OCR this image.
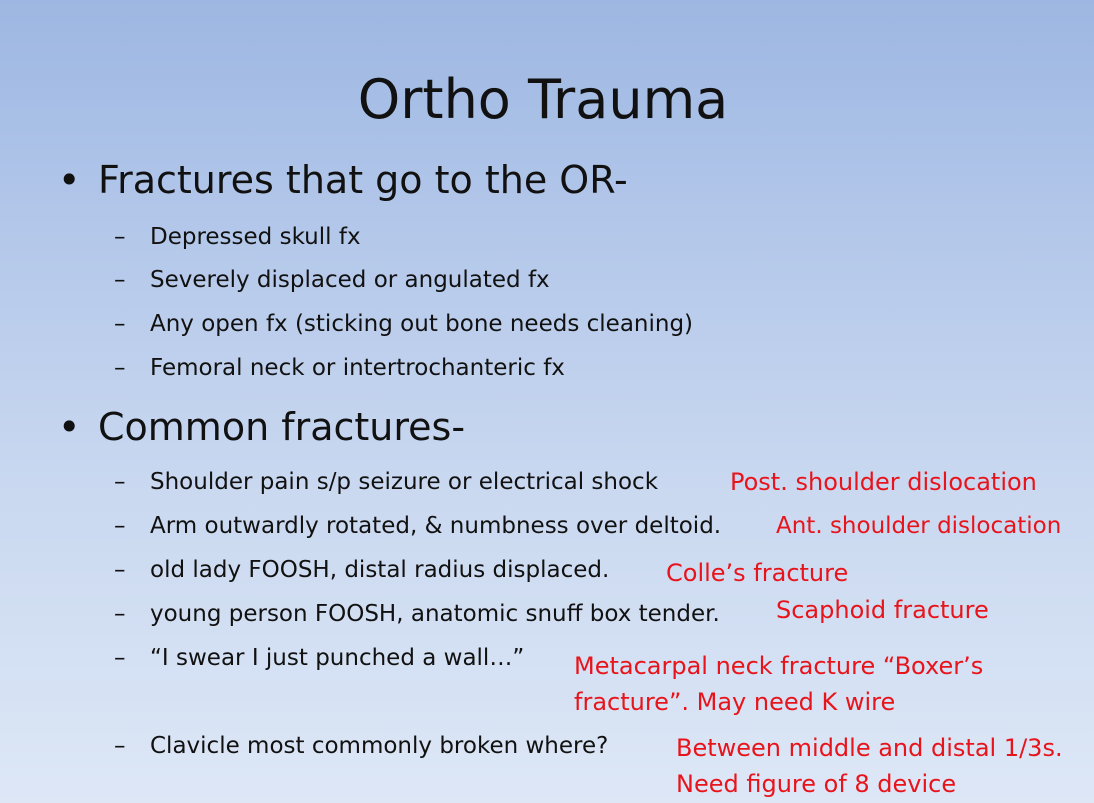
Ortho Trauma
• Fractures that go to the OR-
– Depressed skull fx
– Severely displaced or angulated fx
– Any open fx (sticking out bone needs cleaning)
– Femoral neck or intertrochanteric fx
• Common fractures-
– Shoulder pain s/p seizure or electrical shock	Post. shoulder dislocation
– Arm outwardly rotated, & numbness over deltoid. Ant. shoulder dislocation
– old lady FOOSH, distal radius displaced. Colle’s fracture
– young person FOOSH, anatomic snuff box tender. Scaphoid fracture
– “I swear I just punched a wall…” Metacarpal neck fracture “Boxer’s
fracture”. May need K wire
– Clavicle most commonly broken where?	Between middle and distal 1/3s.
Need figure of 8 device
